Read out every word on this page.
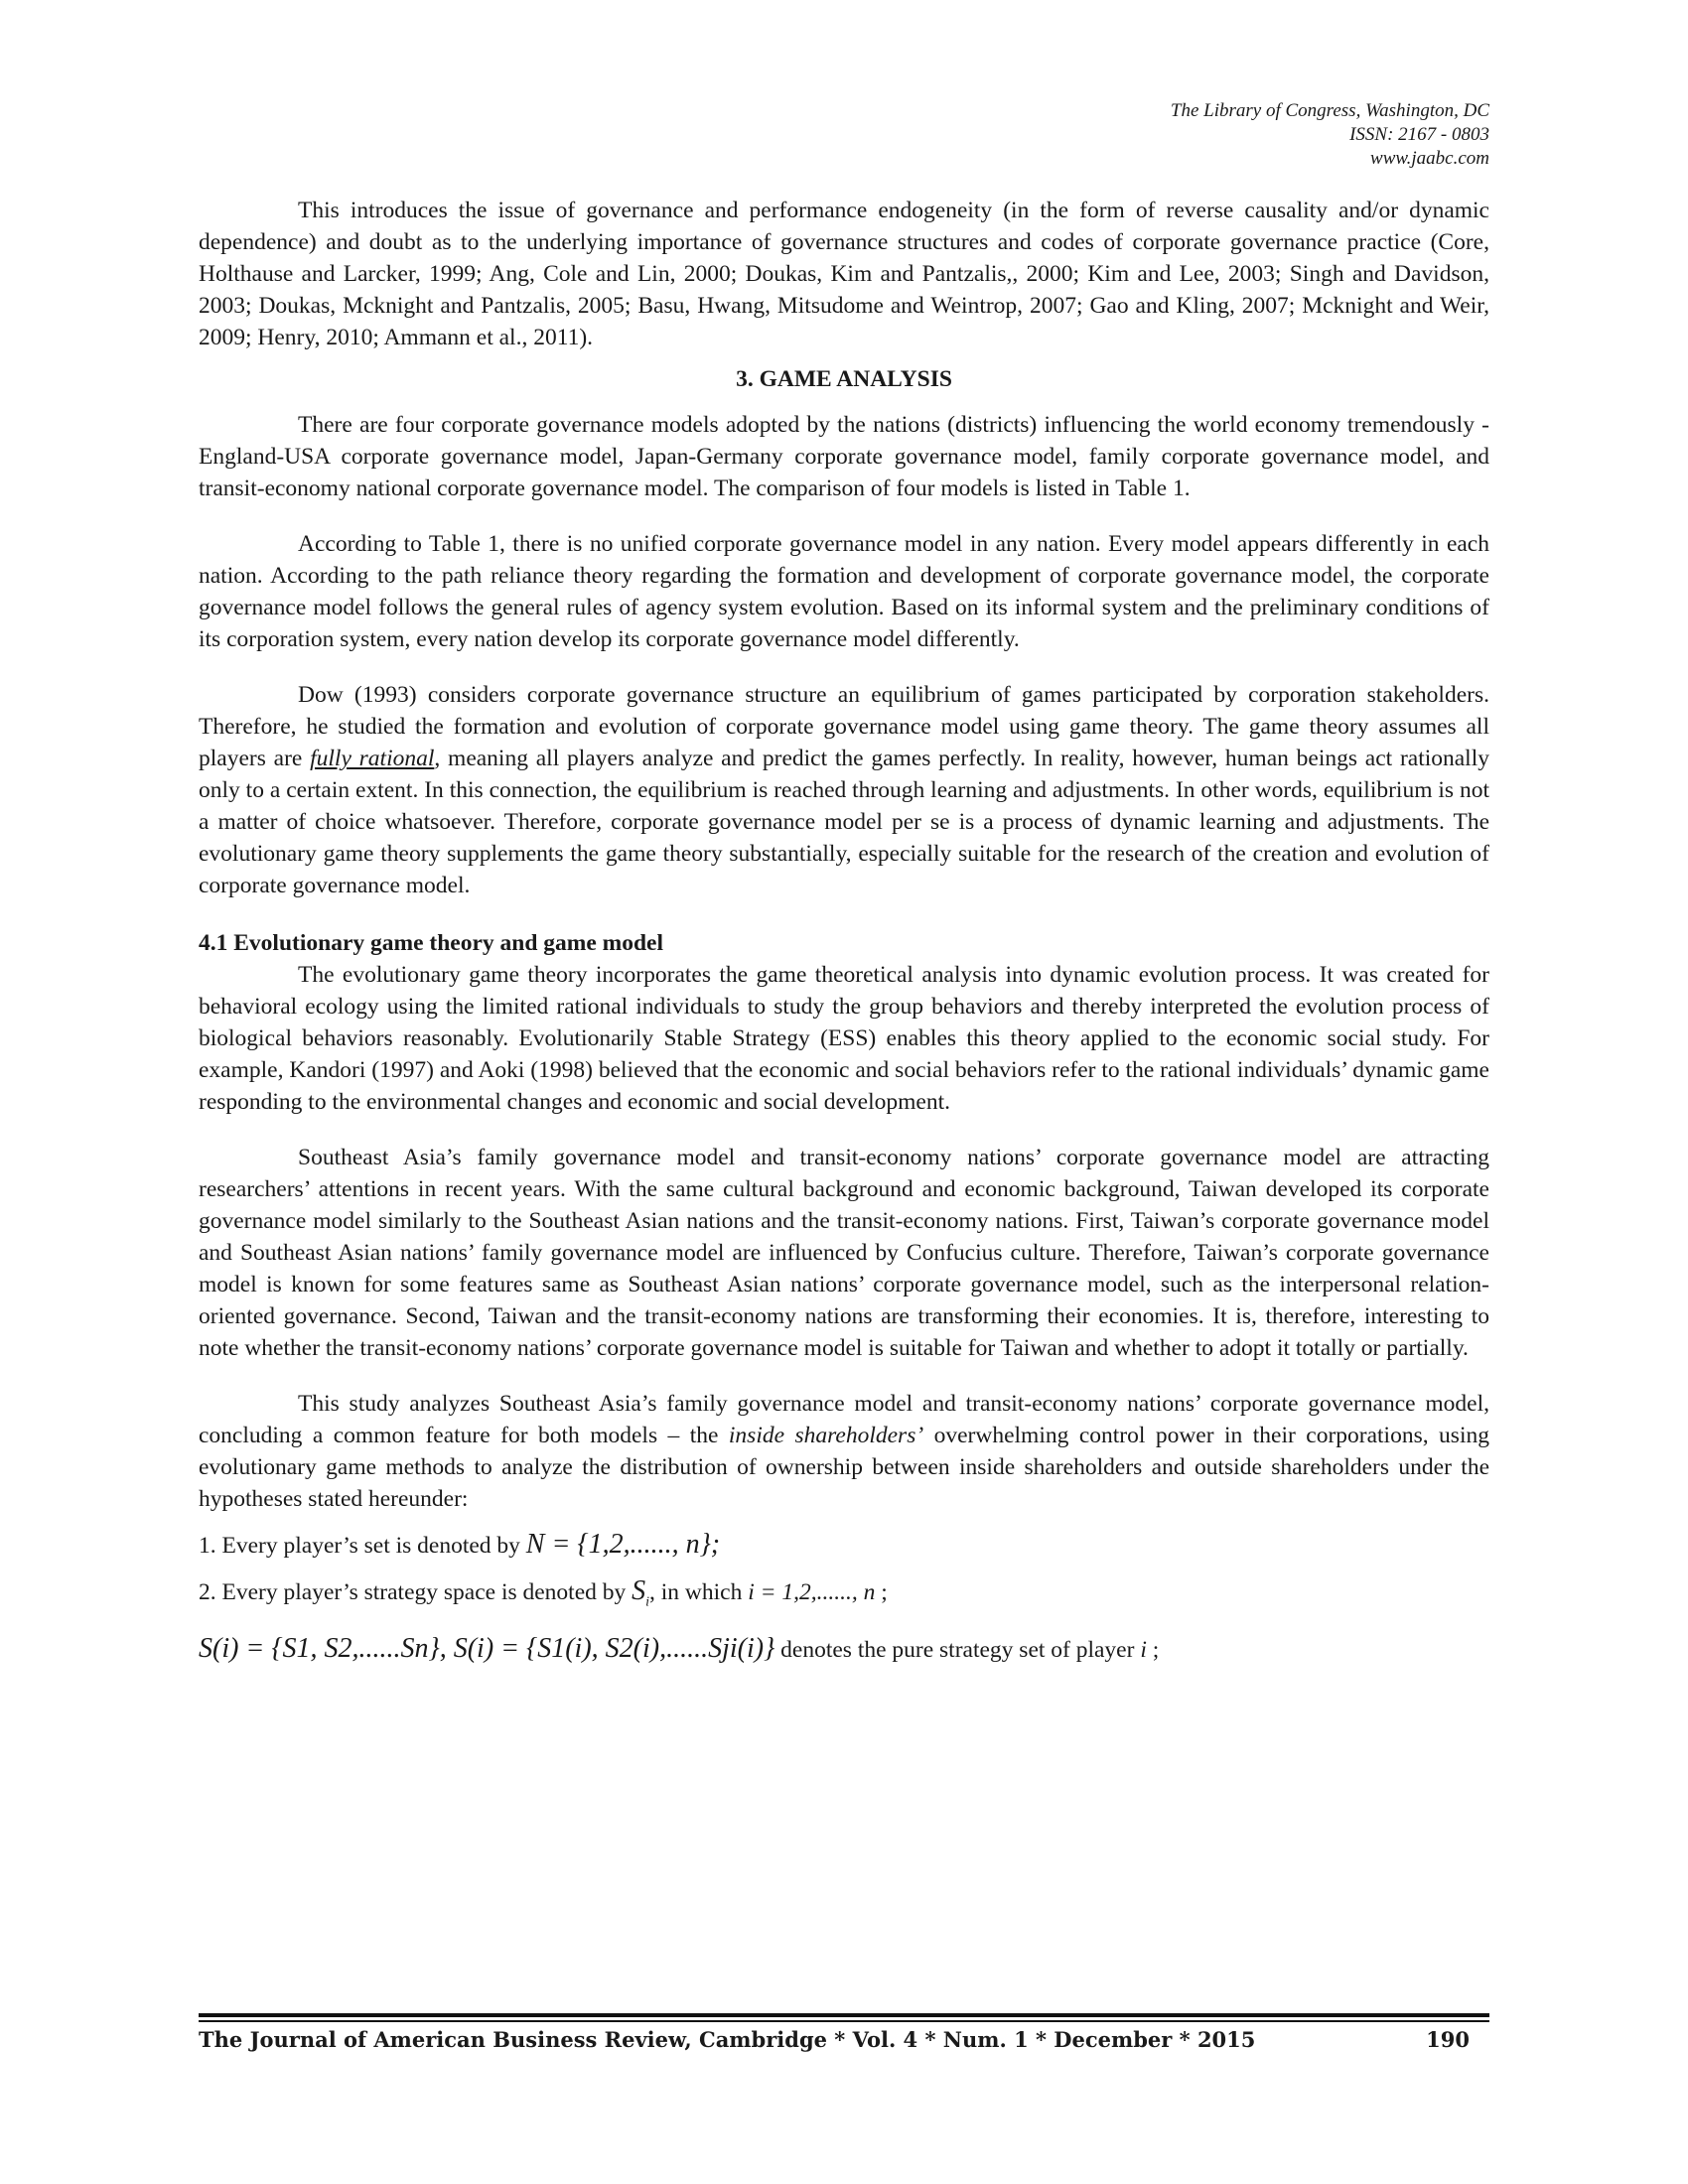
The Library of Congress, Washington, DC
ISSN: 2167 - 0803
www.jaabc.com

This introduces the issue of governance and performance endogeneity (in the form of reverse causality and/or dynamic dependence) and doubt as to the underlying importance of governance structures and codes of corporate governance practice (Core, Holthause and Larcker, 1999; Ang, Cole and Lin, 2000; Doukas, Kim and Pantzalis,, 2000; Kim and Lee, 2003; Singh and Davidson, 2003; Doukas, Mcknight and Pantzalis, 2005; Basu, Hwang, Mitsudome and Weintrop, 2007; Gao and Kling, 2007; Mcknight and Weir, 2009; Henry, 2010; Ammann et al., 2011).

3. GAME ANALYSIS

There are four corporate governance models adopted by the nations (districts) influencing the world economy tremendously - England-USA corporate governance model, Japan-Germany corporate governance model, family corporate governance model, and transit-economy national corporate governance model. The comparison of four models is listed in Table 1.

According to Table 1, there is no unified corporate governance model in any nation. Every model appears differently in each nation. According to the path reliance theory regarding the formation and development of corporate governance model, the corporate governance model follows the general rules of agency system evolution. Based on its informal system and the preliminary conditions of its corporation system, every nation develop its corporate governance model differently.

Dow (1993) considers corporate governance structure an equilibrium of games participated by corporation stakeholders. Therefore, he studied the formation and evolution of corporate governance model using game theory. The game theory assumes all players are fully rational, meaning all players analyze and predict the games perfectly. In reality, however, human beings act rationally only to a certain extent. In this connection, the equilibrium is reached through learning and adjustments. In other words, equilibrium is not a matter of choice whatsoever. Therefore, corporate governance model per se is a process of dynamic learning and adjustments. The evolutionary game theory supplements the game theory substantially, especially suitable for the research of the creation and evolution of corporate governance model.

4.1 Evolutionary game theory and game model

The evolutionary game theory incorporates the game theoretical analysis into dynamic evolution process. It was created for behavioral ecology using the limited rational individuals to study the group behaviors and thereby interpreted the evolution process of biological behaviors reasonably. Evolutionarily Stable Strategy (ESS) enables this theory applied to the economic social study. For example, Kandori (1997) and Aoki (1998) believed that the economic and social behaviors refer to the rational individuals’ dynamic game responding to the environmental changes and economic and social development.

Southeast Asia’s family governance model and transit-economy nations’ corporate governance model are attracting researchers’ attentions in recent years. With the same cultural background and economic background, Taiwan developed its corporate governance model similarly to the Southeast Asian nations and the transit-economy nations. First, Taiwan’s corporate governance model and Southeast Asian nations’ family governance model are influenced by Confucius culture. Therefore, Taiwan’s corporate governance model is known for some features same as Southeast Asian nations’ corporate governance model, such as the interpersonal relation-oriented governance. Second, Taiwan and the transit-economy nations are transforming their economies. It is, therefore, interesting to note whether the transit-economy nations’ corporate governance model is suitable for Taiwan and whether to adopt it totally or partially.

This study analyzes Southeast Asia’s family governance model and transit-economy nations’ corporate governance model, concluding a common feature for both models – the inside shareholders’ overwhelming control power in their corporations, using evolutionary game methods to analyze the distribution of ownership between inside shareholders and outside shareholders under the hypotheses stated hereunder:

1. Every player’s set is denoted by N = {1,2,......, n};

2. Every player’s strategy space is denoted by $S_i$, in which i = 1,2,......, n ;

S(i) = {S1, S2,......Sn}, S(i) = {S1(i), S2(i),......Sji(i)} denotes the pure strategy set of player i ;

The Journal of American Business Review, Cambridge * Vol. 4 * Num. 1 * December * 2015	190
